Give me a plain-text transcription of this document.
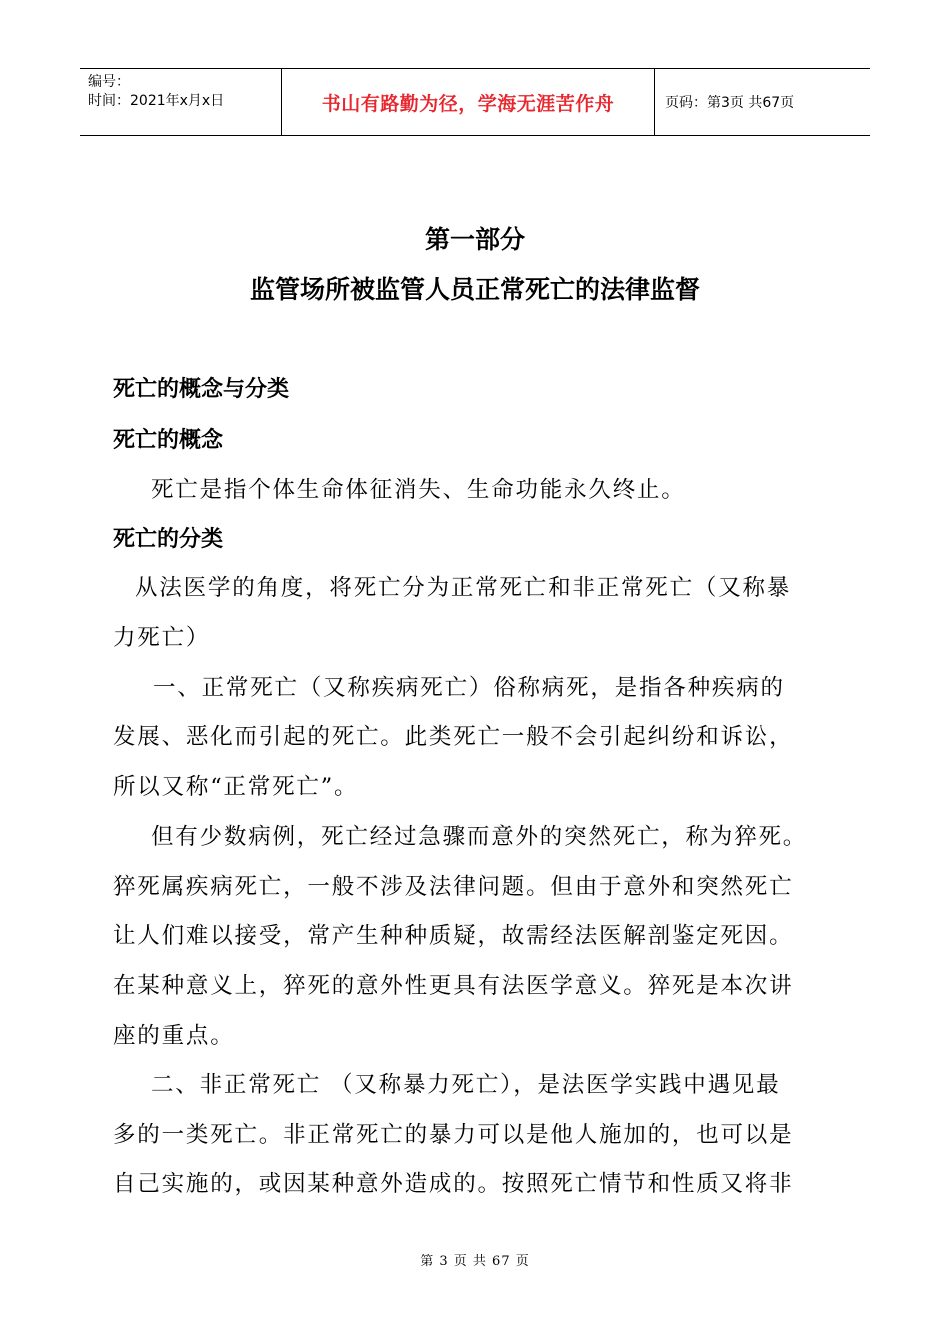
编号：
时间：2021年x月x日	书山有路勤为径，学海无涯苦作舟	页码：第3页 共67页
第一部分
监管场所被监管人员正常死亡的法律监督
死亡的概念与分类
死亡的概念
死亡是指个体生命体征消失、生命功能永久终止。
死亡的分类
从法医学的角度，将死亡分为正常死亡和非正常死亡（又称暴
力死亡）
一、正常死亡（又称疾病死亡）俗称病死，是指各种疾病的
发展、恶化而引起的死亡。此类死亡一般不会引起纠纷和诉讼，
所以又称“正常死亡”。
但有少数病例，死亡经过急骤而意外的突然死亡，称为猝死。
猝死属疾病死亡，一般不涉及法律问题。但由于意外和突然死亡
让人们难以接受，常产生种种质疑，故需经法医解剖鉴定死因。
在某种意义上，猝死的意外性更具有法医学意义。猝死是本次讲
座的重点。
二、非正常死亡 （又称暴力死亡），是法医学实践中遇见最
多的一类死亡。非正常死亡的暴力可以是他人施加的，也可以是
自己实施的，或因某种意外造成的。按照死亡情节和性质又将非
第 3 页 共 67 页
